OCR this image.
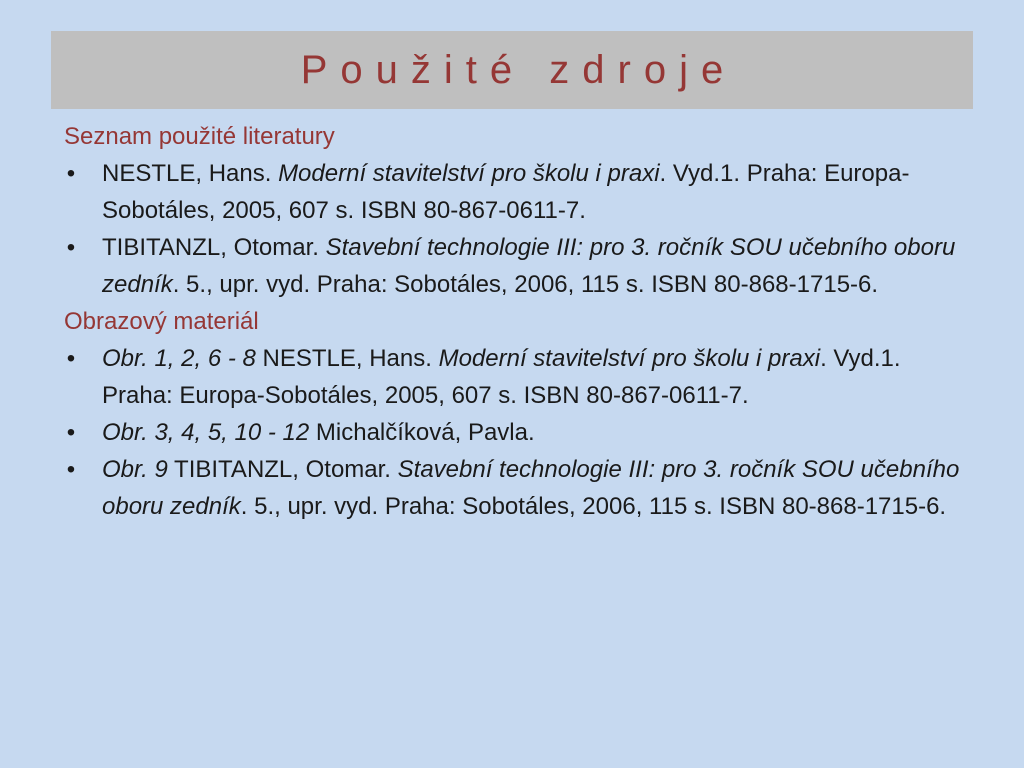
Použité zdroje
Seznam použité literatury
• NESTLE, Hans. Moderní stavitelství pro školu i praxi. Vyd.1. Praha: Europa-Sobotáles, 2005, 607 s. ISBN 80-867-0611-7.
• TIBITANZL, Otomar. Stavební technologie III: pro 3. ročník SOU učebního oboru zedník. 5., upr. vyd. Praha: Sobotáles, 2006, 115 s. ISBN 80-868-1715-6.
Obrazový materiál
• Obr. 1, 2, 6 - 8 NESTLE, Hans. Moderní stavitelství pro školu i praxi. Vyd.1. Praha: Europa-Sobotáles, 2005, 607 s. ISBN 80-867-0611-7.
• Obr. 3, 4, 5, 10 - 12 Michalčíková, Pavla.
• Obr. 9 TIBITANZL, Otomar. Stavební technologie III: pro 3. ročník SOU učebního oboru zedník. 5., upr. vyd. Praha: Sobotáles, 2006, 115 s. ISBN 80-868-1715-6.
